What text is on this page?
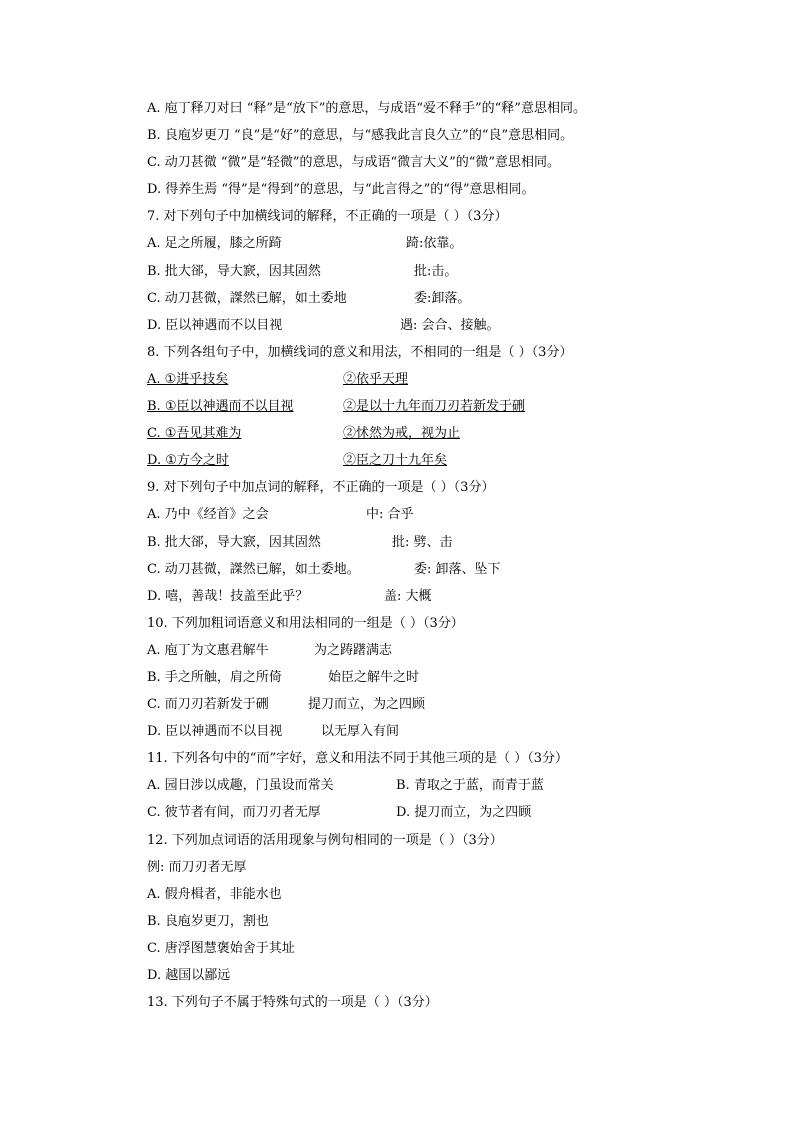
A. 庖丁释刀对曰 “释”是“放下”的意思，与成语“爱不释手”的“释”意思相同。
B. 良庖岁更刀 “良”是“好”的意思，与“感我此言良久立”的“良”意思相同。
C. 动刀甚微 “微”是“轻微”的意思，与成语“微言大义”的“微”意思相同。
D. 得养生焉 “得”是“得到”的意思，与“此言得之”的“得”意思相同。
7. 对下列句子中加横线词的解释，不正确的一项是（ ）（3分）
A. 足之所履，膝之所踦	踦:依靠。
B. 批大郤，导大窾，因其固然	批:击。
C. 动刀甚微，謋然已解，如土委地	委:卸落。
D. 臣以神遇而不以目视	遇: 会合、接触。
8. 下列各组句子中，加横线词的意义和用法，不相同的一组是（ ）（3分）
A. ①进乎技矣	②依乎天理
B. ①臣以神遇而不以目视	②是以十九年而刀刃若新发于硎
C. ①吾见其难为	②怵然为戒，视为止
D. ①方今之时	②臣之刀十九年矣
9. 对下列句子中加点词的解释，不正确的一项是（ ）（3分）
A. 乃中《经首》之会	中: 合乎
B. 批大郤，导大窾，因其固然	批: 劈、击
C. 动刀甚微，謋然已解，如土委地。	委: 卸落、坠下
D. 嘻，善哉！技盖至此乎？	盖: 大概
10. 下列加粗词语意义和用法相同的一组是（ ）（3分）
A. 庖丁为文惠君解牛	为之踌躇满志
B. 手之所触，肩之所倚	始臣之解牛之时
C. 而刀刃若新发于硎	提刀而立，为之四顾
D. 臣以神遇而不以目视	以无厚入有间
11. 下列各句中的“而”字好，意义和用法不同于其他三项的是（ ）（3分）
A. 园日涉以成趣，门虽设而常关	B. 青取之于蓝，而青于蓝
C. 彼节者有间，而刀刃者无厚	D. 提刀而立，为之四顾
12. 下列加点词语的活用现象与例句相同的一项是（ ）（3分）
例: 而刀刃者无厚
A. 假舟楫者，非能水也
B. 良庖岁更刀，割也
C. 唐浮图慧褒始舍于其址
D. 越国以鄙远
13. 下列句子不属于特殊句式的一项是（ ）（3分）
